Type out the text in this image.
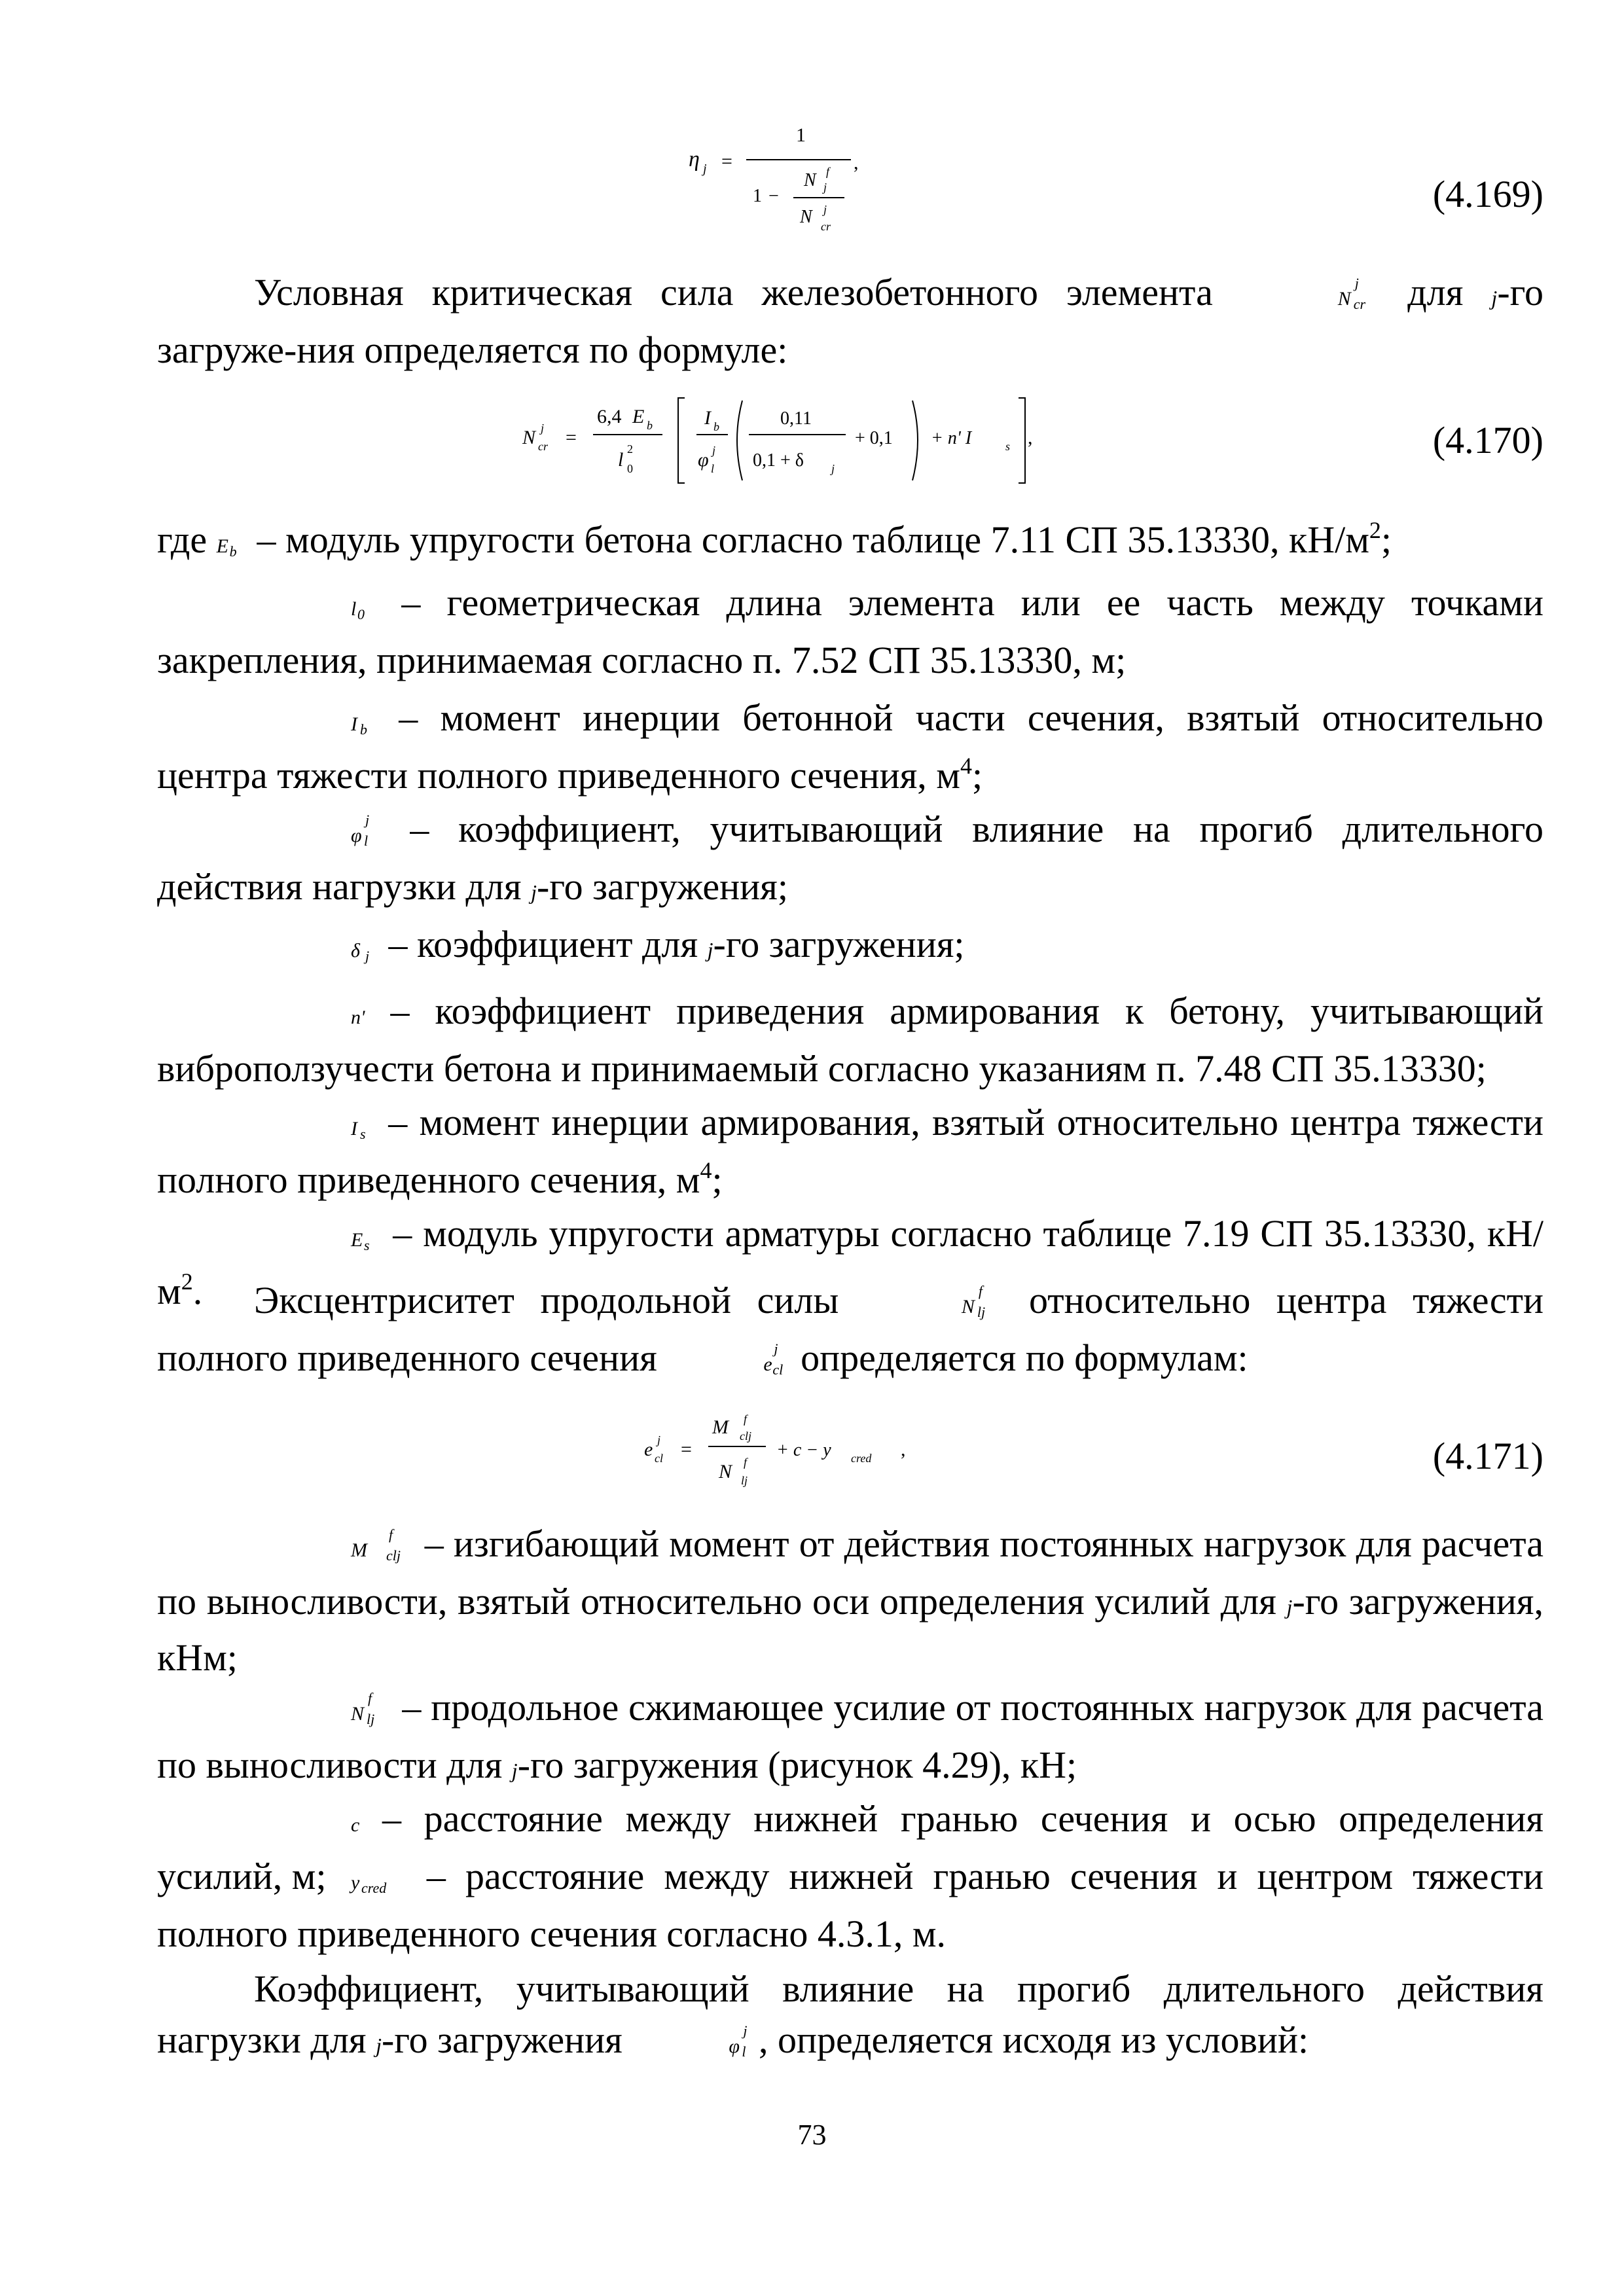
η j =
1
,
1 −
N f
j
N j
cr
(4.169)

Условная критическая сила железобетонного элемента	N
j
cr для j-го загруже-ния определяется по формуле:

N j
cr =
6,4 E b
l 2
0
I b
φ j
l
0,11
0,1 + δ j
+ 0,1 + n' I	s ,	(4.170)

где E b – модуль упругости бетона согласно таблице 7.11 СП 35.13330, $кН/м^2$;

l 0 – геометрическая длина элемента или ее часть между точками закрепления, принимаемая согласно п. 7.52 СП 35.13330, м;

I b – момент инерции бетонной части сечения, взятый относительно центра тяжести полного приведенного сечения, $м^4$;

φ
j
l – коэффициент, учитывающий влияние на прогиб длительного действия нагрузки для j-го загружения;

δ j – коэффициент для j-го загружения;

n' – коэффициент приведения армирования к бетону, учитывающий виброползучести бетона и принимаемый согласно указаниям п. 7.48 СП 35.13330;

I s – момент инерции армирования, взятый относительно центра тяжести полного приведенного сечения, $м^4$;

E s – модуль упругости арматуры согласно таблице 7.19 СП 35.13330, $кН/м^2$.	Эксцентриситет продольной силы	N
f
lj относительно центра тяжести полного приведенного сечения	e
j
cl определяется по формулам:

e j
cl =
M f
clj
N f
lj
+ c − y cred ,	(4.171)

M
f
clj – изгибающий момент от действия постоянных нагрузок для расчета по выносливости, взятый относительно оси определения усилий для j-го загружения, кНм;

N
f
lj – продольное сжимающее усилие от постоянных нагрузок для расчета по выносливости для j-го загружения (рисунок 4.29), кН;

c – расстояние между нижней гранью сечения и осью определения усилий, м;	y cred – расстояние между нижней гранью сечения и центром тяжести полного приведенного сечения согласно 4.3.1, м.

Коэффициент, учитывающий влияние на прогиб длительного действия нагрузки для j-го загружения	φ
j
l , определяется исходя из условий:

73
